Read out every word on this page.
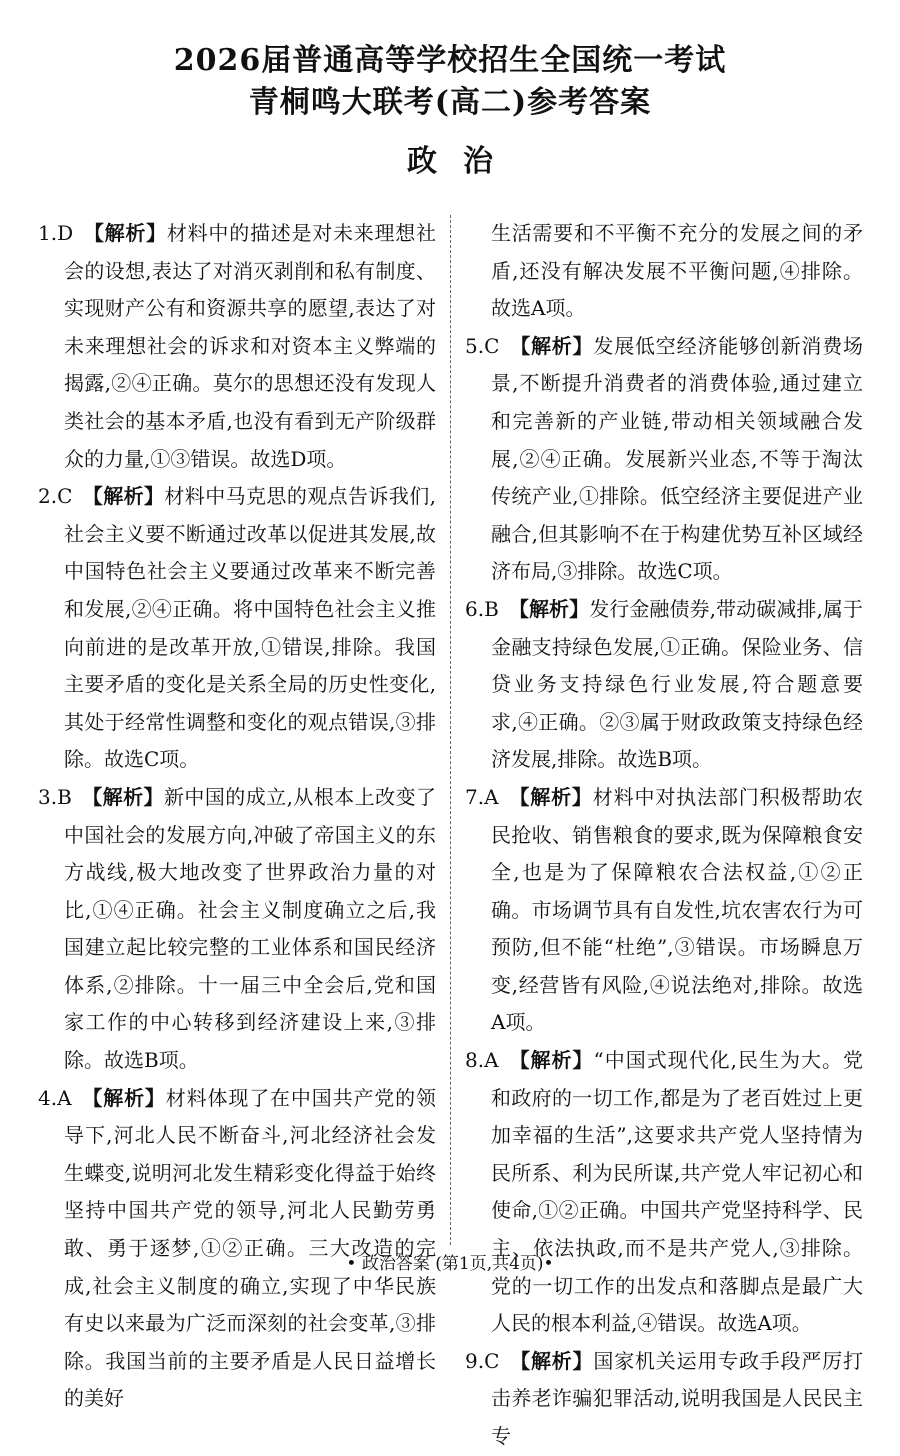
2026届普通高等学校招生全国统一考试
青桐鸣大联考(高二)参考答案
政治

1.D 【解析】材料中的描述是对未来理想社会的设想,表达了对消灭剥削和私有制度、实现财产公有和资源共享的愿望,表达了对未来理想社会的诉求和对资本主义弊端的揭露,②④正确。莫尔的思想还没有发现人类社会的基本矛盾,也没有看到无产阶级群众的力量,①③错误。故选D项。

2.C 【解析】材料中马克思的观点告诉我们,社会主义要不断通过改革以促进其发展,故中国特色社会主义要通过改革来不断完善和发展,②④正确。将中国特色社会主义推向前进的是改革开放,①错误,排除。我国主要矛盾的变化是关系全局的历史性变化,其处于经常性调整和变化的观点错误,③排除。故选C项。

3.B 【解析】新中国的成立,从根本上改变了中国社会的发展方向,冲破了帝国主义的东方战线,极大地改变了世界政治力量的对比,①④正确。社会主义制度确立之后,我国建立起比较完整的工业体系和国民经济体系,②排除。十一届三中全会后,党和国家工作的中心转移到经济建设上来,③排除。故选B项。

4.A 【解析】材料体现了在中国共产党的领导下,河北人民不断奋斗,河北经济社会发生蝶变,说明河北发生精彩变化得益于始终坚持中国共产党的领导,河北人民勤劳勇敢、勇于逐梦,①②正确。三大改造的完成,社会主义制度的确立,实现了中华民族有史以来最为广泛而深刻的社会变革,③排除。我国当前的主要矛盾是人民日益增长的美好

生活需要和不平衡不充分的发展之间的矛盾,还没有解决发展不平衡问题,④排除。故选A项。

5.C 【解析】发展低空经济能够创新消费场景,不断提升消费者的消费体验,通过建立和完善新的产业链,带动相关领域融合发展,②④正确。发展新兴业态,不等于淘汰传统产业,①排除。低空经济主要促进产业融合,但其影响不在于构建优势互补区域经济布局,③排除。故选C项。

6.B 【解析】发行金融债券,带动碳减排,属于金融支持绿色发展,①正确。保险业务、信贷业务支持绿色行业发展,符合题意要求,④正确。②③属于财政政策支持绿色经济发展,排除。故选B项。

7.A 【解析】材料中对执法部门积极帮助农民抢收、销售粮食的要求,既为保障粮食安全,也是为了保障粮农合法权益,①②正确。市场调节具有自发性,坑农害农行为可预防,但不能“杜绝”,③错误。市场瞬息万变,经营皆有风险,④说法绝对,排除。故选A项。

8.A 【解析】“中国式现代化,民生为大。党和政府的一切工作,都是为了老百姓过上更加幸福的生活”,这要求共产党人坚持情为民所系、利为民所谋,共产党人牢记初心和使命,①②正确。中国共产党坚持科学、民主、依法执政,而不是共产党人,③排除。党的一切工作的出发点和落脚点是最广大人民的根本利益,④错误。故选A项。

9.C 【解析】国家机关运用专政手段严厉打击养老诈骗犯罪活动,说明我国是人民民主专

• 政治答案 (第1页,共4页)•
